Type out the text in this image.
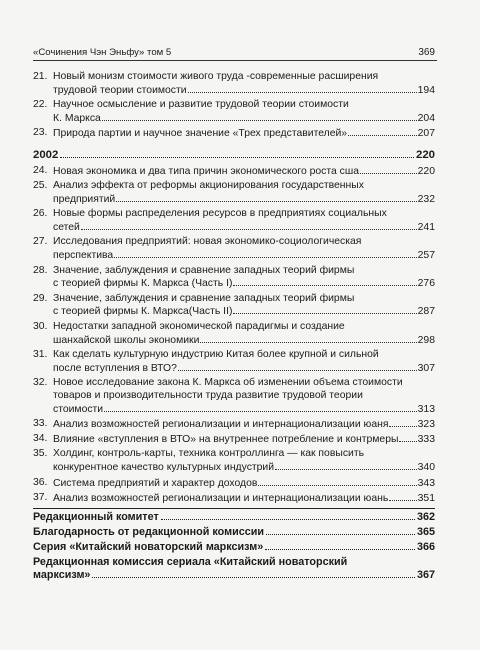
«Сочинения Чэн Эньфу» том 5	369
21. Новый монизм стоимости живого труда -современные расширения
трудовой теории стоимости	194
22. Научное осмысление и развитие трудовой теории стоимости
К. Маркса	204
23. Природа партии и научное значение «Трех представителей»	207
2002	220
24. Новая экономика и два типа причин экономического роста сша	220
25. Анализ эффекта от реформы акционирования государственных
предприятий	232
26. Новые формы распределения ресурсов в предприятиях социальных
сетей	241
27. Исследования предприятий: новая экономико-социологическая
перспектива	257
28. Значение, заблуждения и сравнение западных теорий фирмы
с теорией фирмы К. Маркса (Часть I)	276
29. Значение, заблуждения и сравнение западных теорий фирмы
с теорией фирмы К. Маркса(Часть II)	287
30. Недостатки западной экономической парадигмы и создание
шанхайской школы экономики	298
31. Как сделать культурную индустрию Китая более крупной и сильной
после вступления в ВТО?	307
32. Новое исследование закона К. Маркса об изменении объема стоимости
товаров и производительности труда развитие трудовой теории
стоимости	313
33. Анализ возможностей регионализации и интернационализации юаня	323
34. Влияние «вступления в ВТО» на внутреннее потребление и контрмеры 333
35. Холдинг, контроль-карты, техника контроллинга — как повысить
конкурентное качество культурных индустрий	340
36. Система предприятий и характер доходов	343
37. Анализ возможностей регионализации и интернационализации юань	351
Редакционный комитет	362
Благодарность от редакционной комиссии	365
Серия «Китайский новаторский марксизм»	366
Редакционная комиссия сериала «Китайский новаторский
марксизм»	367
